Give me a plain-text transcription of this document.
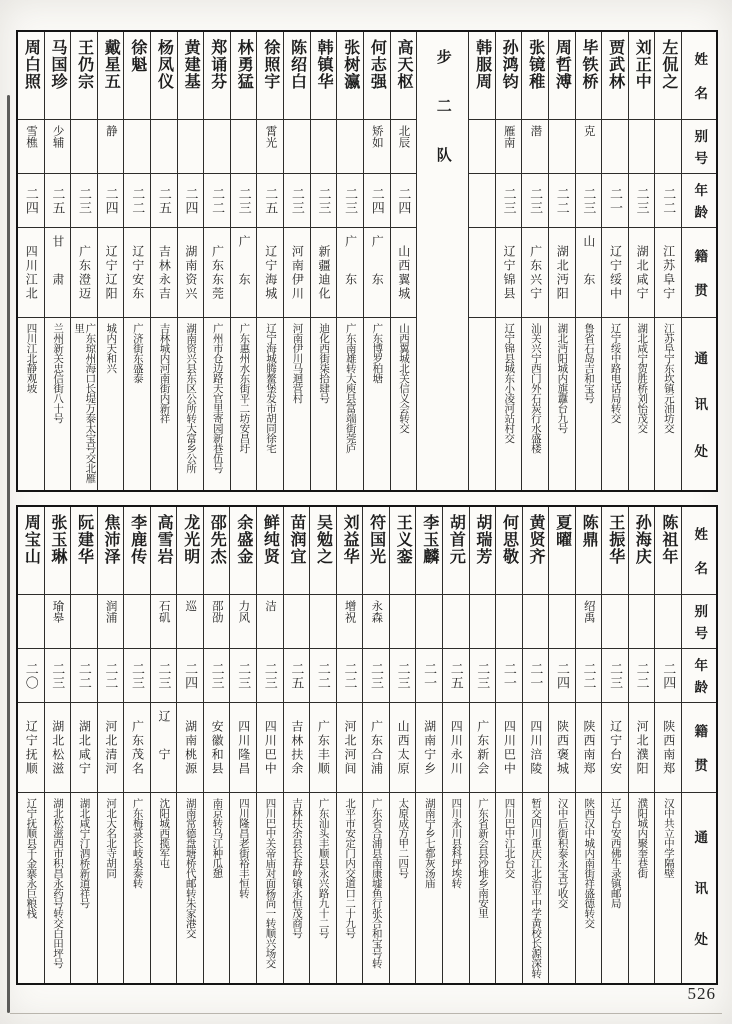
姓
名
别
号
年
龄
籍
贯
通
讯
处
左侃之
二二
江苏阜宁
江苏阜宁东坎镇元油坊交
刘正中
二三
湖北咸宁
湖北咸宁贺胜桥刘怡茂交
贾武林
二一
辽宁绥中
辽宁绥中路电话局转交
毕铁桥
克
二三
山东
鲁省石岛吉和宝号
周哲溥
二二
湖北沔阳
湖北沔阳城内旗纛台九号
张镜稚
潜
二三
广东兴宁
汕关兴宁西门外石炭行水盛楼
孙鸿钧
雁南
二三
辽宁锦县
辽宁锦县城东小凌河站村交
韩服周
步
二
队
高天枢
北辰
二四
山西翼城
山西翼城北关信义会转交
何志强
矫如
二四
广东
广东博罗柏塘
张树瀛
二三
广东
广东南雄转大庾县富端街莞庐
韩镇华
二三
新疆迪化
迪化西街柒拾肆号
陈绍白
二三
河南伊川
河南伊川马迴营村
徐照宇
霄光
二五
辽宁海城
辽宁海城腾鳌堡发市胡同徐宅
林勇猛
二三
广东
广东惠州水东街平二坊安昌圩
郑诵芬
二二
广东东莞
广州市仓边路天官里寄园新巷伍号
黄建基
二四
湖南资兴
湖南资兴县东区公所转大富乡公所
杨凤仪
二五
吉林永吉
吉林城内河南街内新祥
徐魁
二二
辽宁安东
广济街东盛泰
戴星五
静
二四
辽宁辽阳
城内天和兴
王仍宗
二三
广东澄迈
广东琼州海口长堤万泰太宝号交北雁里
马国珍
少辅
二五
甘肃
兰州新关忠信街八十号
周白照
雪樵
二四
四川江北
四川江北静观坡
姓
名
别
号
年
龄
籍
贯
通
讯
处
陈祖年
二四
陕西南郑
汉中共立中学隔壁
孙海庆
二二
河北濮阳
濮阳城内聚奎巷街
王振华
二三
辽宁台安
辽宁台安西佛牛录镇邮局
陈鼎
绍禹
二二
陕西南郑
陕西汉中城内南街祥盛德转交
夏曜
二四
陕西褒城
汉中后街积泰永宝号收交
黄贤齐
二一
四川涪陵
暂交四川重庆江北治平中学黄校长源深转
何思敬
二一
四川巴中
四川巴中江北台交
胡瑞芳
二三
广东新会
广东省新会县沙堆乡南安里
胡首元
二五
四川永川
四川永川县科坪埃转
李玉麟
二一
湖南宁乡
湖南宁乡七都灰汤庙
王义銮
二三
山西太原
太原成方甲二四号
符国光
永森
二三
广东合浦
广东省合浦县南康墟鱼行张合和宝号转
刘益华
增祝
二二
河北河间
北平市安定门内交道口二十九号
吴勉之
二二
广东丰顺
广东汕头丰顺县永兴路九十二号
苗润宜
二五
吉林扶余
吉林扶余县长春岭镇永恒茂商号
鲜纯贤
洁
二三
四川巴中
四川巴中关帝庙对面杨尚一转顺兴场交
余盛金
力风
二三
四川隆昌
四川隆昌老街裕丰恒转
邵先杰
邵劭
二三
安徽和县
南京转乌江种瓜憩
龙光明
巡
二四
湖南桃源
湖南常德盘塘桥代邮转朱家港交
高雪岩
石矶
二三
辽宁
沈阳城西揽军屯
李鹿传
二三
广东茂名
广东梅菉长岐泉泰转
焦沛泽
润浦
二二
河北清河
河北大名北寺胡同
阮建华
二二
湖北咸宁
湖北咸宁汀泗桥新道祥号
张玉琳
瑜皋
二三
湖北松滋
湖北松滋西市积昌永药号转交白田坪号
周宝山
二〇
辽宁抚顺
辽宁抚顺县千金寨永巨粮栈
526
